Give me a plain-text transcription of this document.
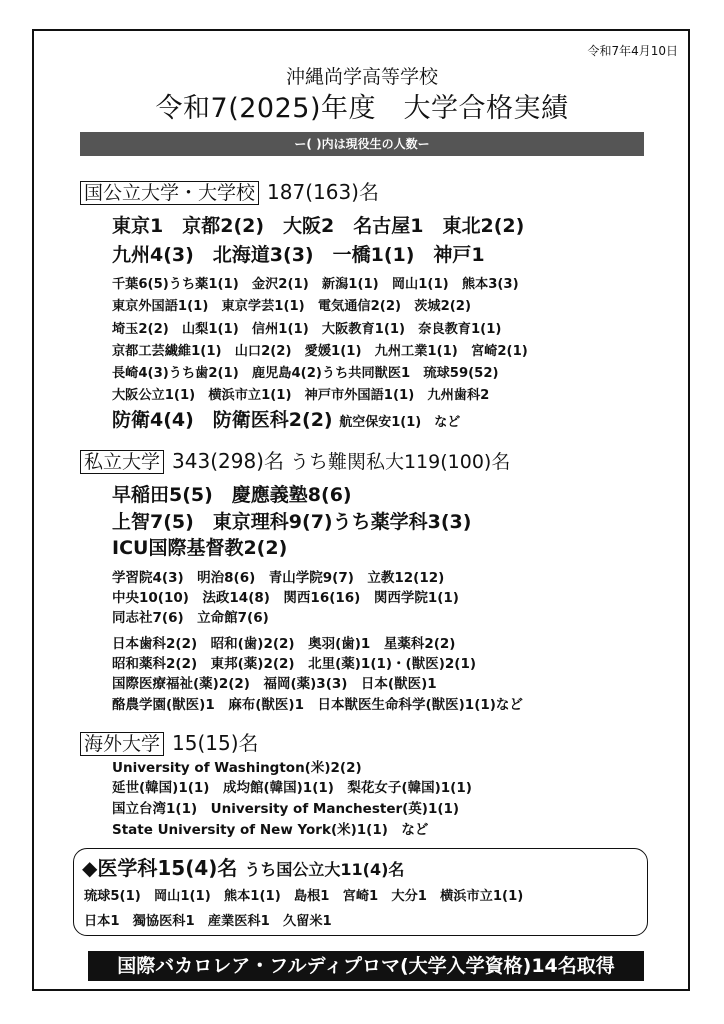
令和7年4月10日
沖縄尚学高等学校
令和7(2025)年度　大学合格実績
ー( )内は現役生の人数ー
国公立大学・大学校 187(163)名
東京1　京都2(2)　大阪2　名古屋1　東北2(2)
九州4(3)　北海道3(3)　一橋1(1)　神戸1
千葉6(5)うち薬1(1)　金沢2(1)　新潟1(1)　岡山1(1)　熊本3(3)
東京外国語1(1)　東京学芸1(1)　電気通信2(2)　茨城2(2)
埼玉2(2)　山梨1(1)　信州1(1)　大阪教育1(1)　奈良教育1(1)
京都工芸繊維1(1)　山口2(2)　愛媛1(1)　九州工業1(1)　宮崎2(1)
長崎4(3)うち歯2(1)　鹿児島4(2)うち共同獣医1　琉球59(52)
大阪公立1(1)　横浜市立1(1)　神戸市外国語1(1)　九州歯科2
防衛4(4)　防衛医科2(2) 航空保安1(1)　など
私立大学 343(298)名 うち難関私大119(100)名
早稲田5(5)　慶應義塾8(6)
上智7(5)　東京理科9(7)うち薬学科3(3)
ICU国際基督教2(2)
学習院4(3)　明治8(6)　青山学院9(7)　立教12(12)
中央10(10)　法政14(8)　関西16(16)　関西学院1(1)
同志社7(6)　立命館7(6)
日本歯科2(2)　昭和(歯)2(2)　奥羽(歯)1　星薬科2(2)
昭和薬科2(2)　東邦(薬)2(2)　北里(薬)1(1)・(獣医)2(1)
国際医療福祉(薬)2(2)　福岡(薬)3(3)　日本(獣医)1
酪農学園(獣医)1　麻布(獣医)1　日本獣医生命科学(獣医)1(1)など
海外大学 15(15)名
University of Washington(米)2(2)
延世(韓国)1(1)　成均館(韓国)1(1)　梨花女子(韓国)1(1)
国立台湾1(1)　University of Manchester(英)1(1)
State University of New York(米)1(1)　など
◆医学科15(4)名 うち国公立大11(4)名
琉球5(1)　岡山1(1)　熊本1(1)　島根1　宮崎1　大分1　横浜市立1(1)
日本1　獨協医科1　産業医科1　久留米1
国際バカロレア・フルディプロマ(大学入学資格)14名取得
